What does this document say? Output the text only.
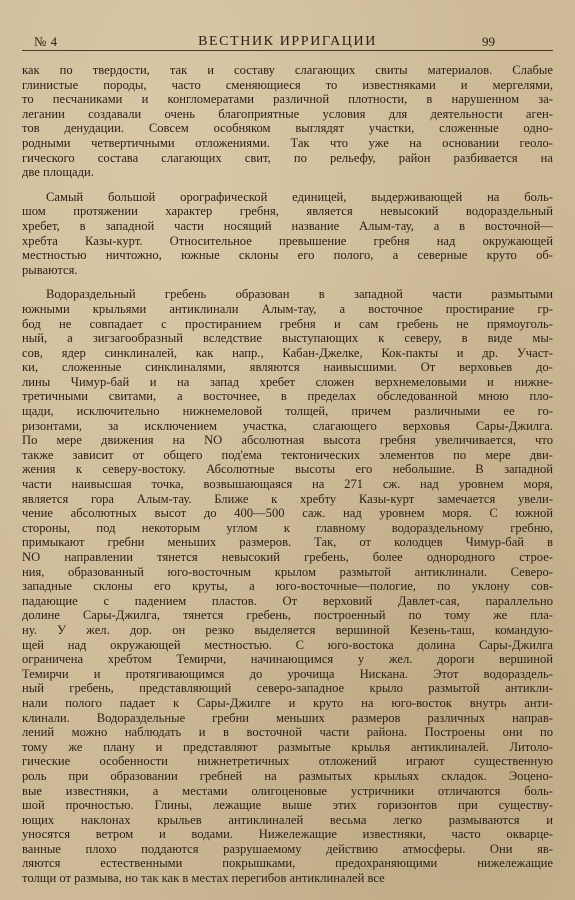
№ 4	ВЕСТНИК ИРРИГАЦИИ	99
как по твердости, так и составу слагающих свиты материалов. Слабые
глинистые породы, часто сменяющиеся то известняками и мергелями,
то песчаниками и конгломератами различной плотности, в нарушенном за-
легании создавали очень благоприятные условия для деятельности аген-
тов денудации. Совсем особняком выглядят участки, сложенные одно-
родными четвертичными отложениями. Так что уже на основании геоло-
гического состава слагающих свит, по рельефу, район разбивается на
две площади.
Самый большой орографической единицей, выдерживающей на боль-
шом протяжении характер гребня, является невысокий водораздельный
хребет, в западной части носящий название Алым-тау, а в восточной—
хребта Казы-курт. Относительное превышение гребня над окружающей
местностью ничтожно, южные склоны его полого, а северные круто об-
рываются.
Водораздельный гребень образован в западной части размытыми
южными крыльями антиклинали Алым-тау, а восточное простирание гр-
бод не совпадает с простиранием гребня и сам гребень не прямоуголь-
ный, а зигзагообразный вследствие выступающих к северу, в виде мы-
сов, ядер синклиналей, как напр., Кабан-Джелке, Кок-пакты и др. Участ-
ки, сложенные синклиналями, являются наивысшими. От верховьев до-
лины Чимур-бай и на запад хребет сложен верхнемеловыми и нижне-
третичными свитами, а восточнее, в пределах обследованной мною пло-
щади, исключительно нижнемеловой толщей, причем различными ее го-
ризонтами, за исключением участка, слагающего верховья Сары-Джилга.
По мере движения на NO абсолютная высота гребня увеличивается, что
также зависит от общего под'ема тектонических элементов по мере дви-
жения к северу-востоку. Абсолютные высоты его небольшие. В западной
части наивысшая точка, возвышающаяся на 271 сж. над уровнем моря,
является гора Алым-тау. Ближе к хребту Казы-курт замечается увели-
чение абсолютных высот до 400—500 саж. над уровнем моря. С южной
стороны, под некоторым углом к главному водораздельному гребню,
примыкают гребни меньших размеров. Так, от колодцев Чимур-бай в
NO направлении тянется невысокий гребень, более однородного строе-
ния, образованный юго-восточным крылом размытой антиклинали. Северо-
западные склоны его круты, а юго-восточные—пологие, по уклону сов-
падающие с падением пластов. От верховий Давлет-сая, параллельно
долине Сары-Джилга, тянется гребень, построенный по тому же пла-
ну. У жел. дор. он резко выделяется вершиной Кезень-таш, командую-
щей над окружающей местностью. С юго-востока долина Сары-Джилга
ограничена хребтом Темирчи, начинающимся у жел. дороги вершиной
Темирчи и протягивающимся до урочища Нискана. Этот водораздель-
ный гребень, представляющий северо-западное крыло размытой антикли-
нали полого падает к Сары-Джилге и круто на юго-восток внутрь анти-
клинали. Водораздельные гребни меньших размеров различных направ-
лений можно наблюдать и в восточной части района. Построены они по
тому же плану и представляют размытые крылья антиклиналей. Литоло-
гические особенности нижнетретичных отложений играют существенную
роль при образовании гребней на размытых крыльях складок. Эоцено-
вые известняки, а местами олигоценовые устричники отличаются боль-
шой прочностью. Глины, лежащие выше этих горизонтов при существу-
ющих наклонах крыльев антиклиналей весьма легко размываются и
уносятся ветром и водами. Нижележащие известняки, часто окварце-
ванные плохо поддаются разрушаемому действию атмосферы. Они яв-
ляются естественными покрышками, предохраняющими нижележащие
толщи от размыва, но так как в местах перегибов антиклиналей все
